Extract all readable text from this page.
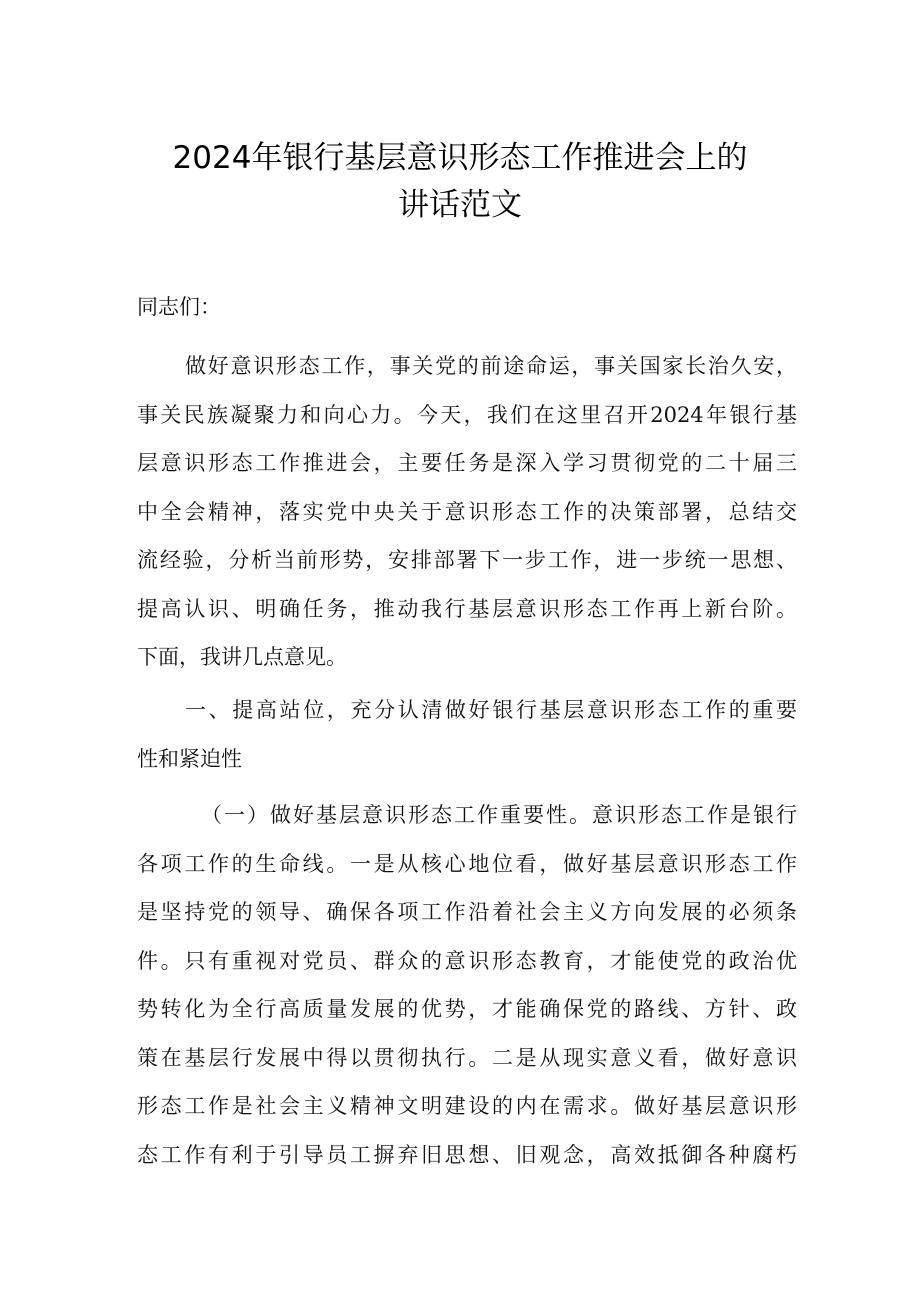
2024年银行基层意识形态工作推进会上的
讲话范文
同志们：
做好意识形态工作，事关党的前途命运，事关国家长治久安，
事关民族凝聚力和向心力。今天，我们在这里召开2024年银行基
层意识形态工作推进会，主要任务是深入学习贯彻党的二十届三
中全会精神，落实党中央关于意识形态工作的决策部署，总结交
流经验，分析当前形势，安排部署下一步工作，进一步统一思想、
提高认识、明确任务，推动我行基层意识形态工作再上新台阶。
下面，我讲几点意见。
一、提高站位，充分认清做好银行基层意识形态工作的重要
性和紧迫性
（一）做好基层意识形态工作重要性。意识形态工作是银行
各项工作的生命线。一是从核心地位看，做好基层意识形态工作
是坚持党的领导、确保各项工作沿着社会主义方向发展的必须条
件。只有重视对党员、群众的意识形态教育，才能使党的政治优
势转化为全行高质量发展的优势，才能确保党的路线、方针、政
策在基层行发展中得以贯彻执行。二是从现实意义看，做好意识
形态工作是社会主义精神文明建设的内在需求。做好基层意识形
态工作有利于引导员工摒弃旧思想、旧观念，高效抵御各种腐朽
